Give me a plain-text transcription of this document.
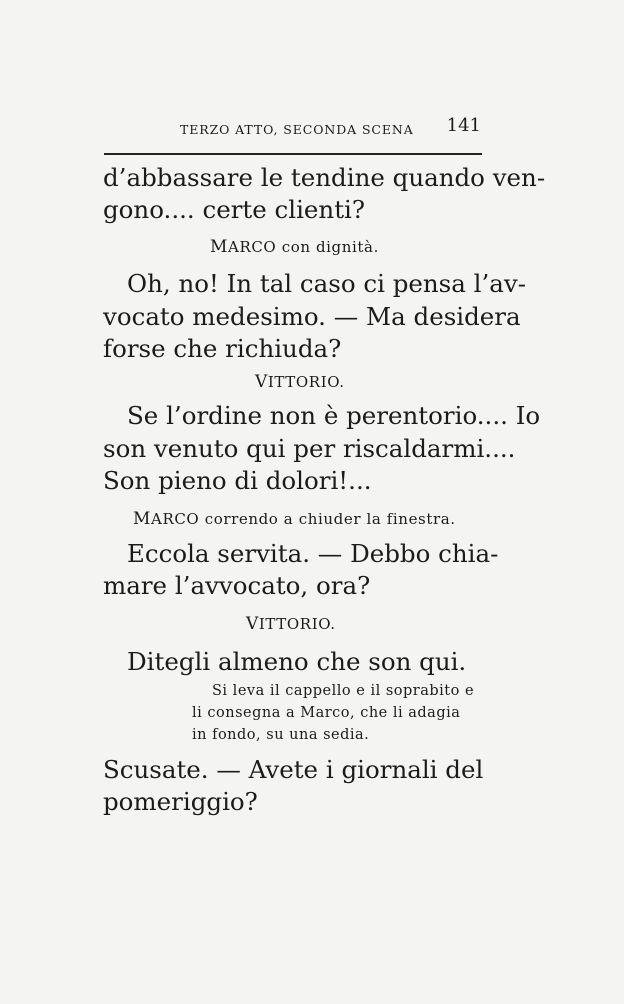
TERZO ATTO, SECONDA SCENA 141
d’abbassare le tendine quando ven-
gono.... certe clienti?
MARCO con dignità.
Oh, no! In tal caso ci pensa l’av-
vocato medesimo. — Ma desidera
forse che richiuda?
VITTORIO.
Se l’ordine non è perentorio.... Io
son venuto qui per riscaldarmi....
Son pieno di dolori!...
MARCO correndo a chiuder la finestra.
Eccola servita. — Debbo chia-
mare l’avvocato, ora?
VITTORIO.
Ditegli almeno che son qui.
Si leva il cappello e il soprabito e
li consegna a Marco, che li adagia
in fondo, su una sedia.
Scusate. — Avete i giornali del
pomeriggio?
